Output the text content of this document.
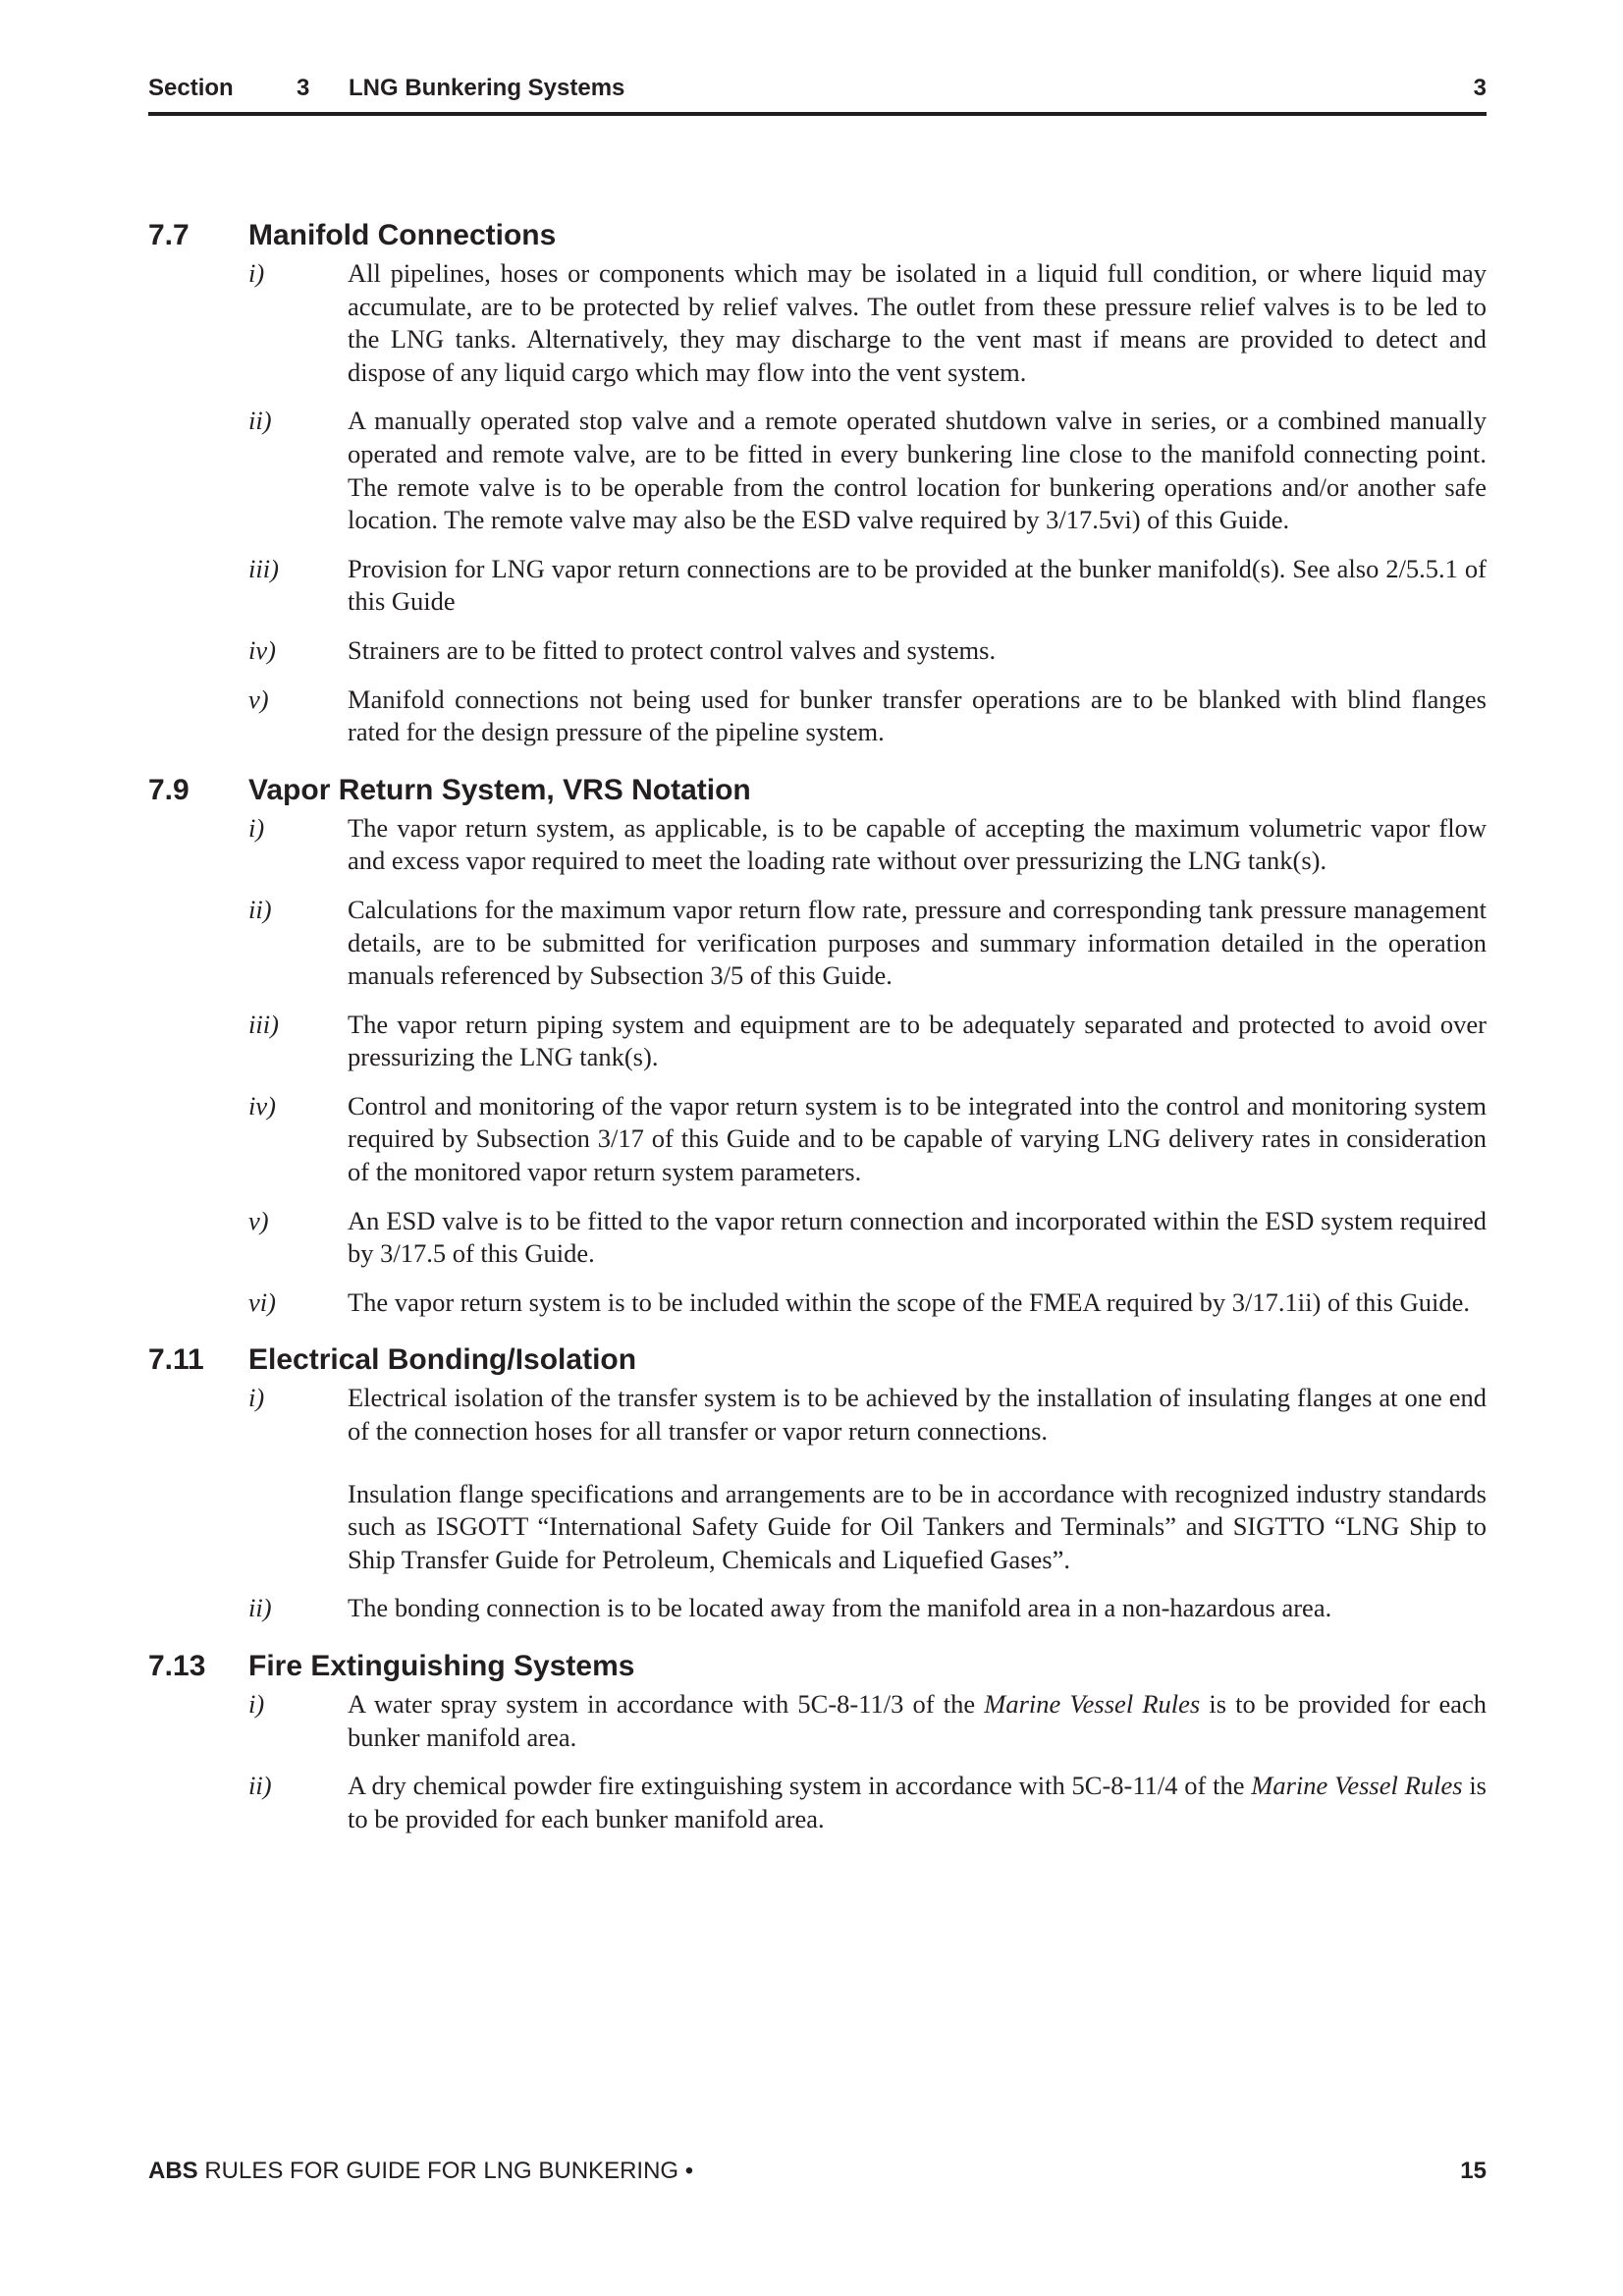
Section	3 LNG Bunkering Systems	3
7.7 Manifold Connections
i)	All pipelines, hoses or components which may be isolated in a liquid full condition, or where liquid may accumulate, are to be protected by relief valves. The outlet from these pressure relief valves is to be led to the LNG tanks. Alternatively, they may discharge to the vent mast if means are provided to detect and dispose of any liquid cargo which may flow into the vent system.

ii)	A manually operated stop valve and a remote operated shutdown valve in series, or a combined manually operated and remote valve, are to be fitted in every bunkering line close to the manifold connecting point. The remote valve is to be operable from the control location for bunkering operations and/or another safe location. The remote valve may also be the ESD valve required by 3/17.5vi) of this Guide.

iii)	Provision for LNG vapor return connections are to be provided at the bunker manifold(s). See also 2/5.5.1 of this Guide

iv)	Strainers are to be fitted to protect control valves and systems.

v)	Manifold connections not being used for bunker transfer operations are to be blanked with blind flanges rated for the design pressure of the pipeline system.

7.9 Vapor Return System, VRS Notation
i)	The vapor return system, as applicable, is to be capable of accepting the maximum volumetric vapor flow and excess vapor required to meet the loading rate without over pressurizing the LNG tank(s).

ii)	Calculations for the maximum vapor return flow rate, pressure and corresponding tank pressure management details, are to be submitted for verification purposes and summary information detailed in the operation manuals referenced by Subsection 3/5 of this Guide.

iii)	The vapor return piping system and equipment are to be adequately separated and protected to avoid over pressurizing the LNG tank(s).

iv)	Control and monitoring of the vapor return system is to be integrated into the control and monitoring system required by Subsection 3/17 of this Guide and to be capable of varying LNG delivery rates in consideration of the monitored vapor return system parameters.

v)	An ESD valve is to be fitted to the vapor return connection and incorporated within the ESD system required by 3/17.5 of this Guide.

vi)	The vapor return system is to be included within the scope of the FMEA required by 3/17.1ii) of this Guide.

7.11 Electrical Bonding/Isolation
i)	Electrical isolation of the transfer system is to be achieved by the installation of insulating flanges at one end of the connection hoses for all transfer or vapor return connections.

Insulation flange specifications and arrangements are to be in accordance with recognized industry standards such as ISGOTT “International Safety Guide for Oil Tankers and Terminals” and SIGTTO “LNG Ship to Ship Transfer Guide for Petroleum, Chemicals and Liquefied Gases”.

ii)	The bonding connection is to be located away from the manifold area in a non-hazardous area.

7.13 Fire Extinguishing Systems
i)	A water spray system in accordance with 5C-8-11/3 of the Marine Vessel Rules is to be provided for each bunker manifold area.

ii)	A dry chemical powder fire extinguishing system in accordance with 5C-8-11/4 of the Marine Vessel Rules is to be provided for each bunker manifold area.

ABS RULES FOR GUIDE FOR LNG BUNKERING •	15
